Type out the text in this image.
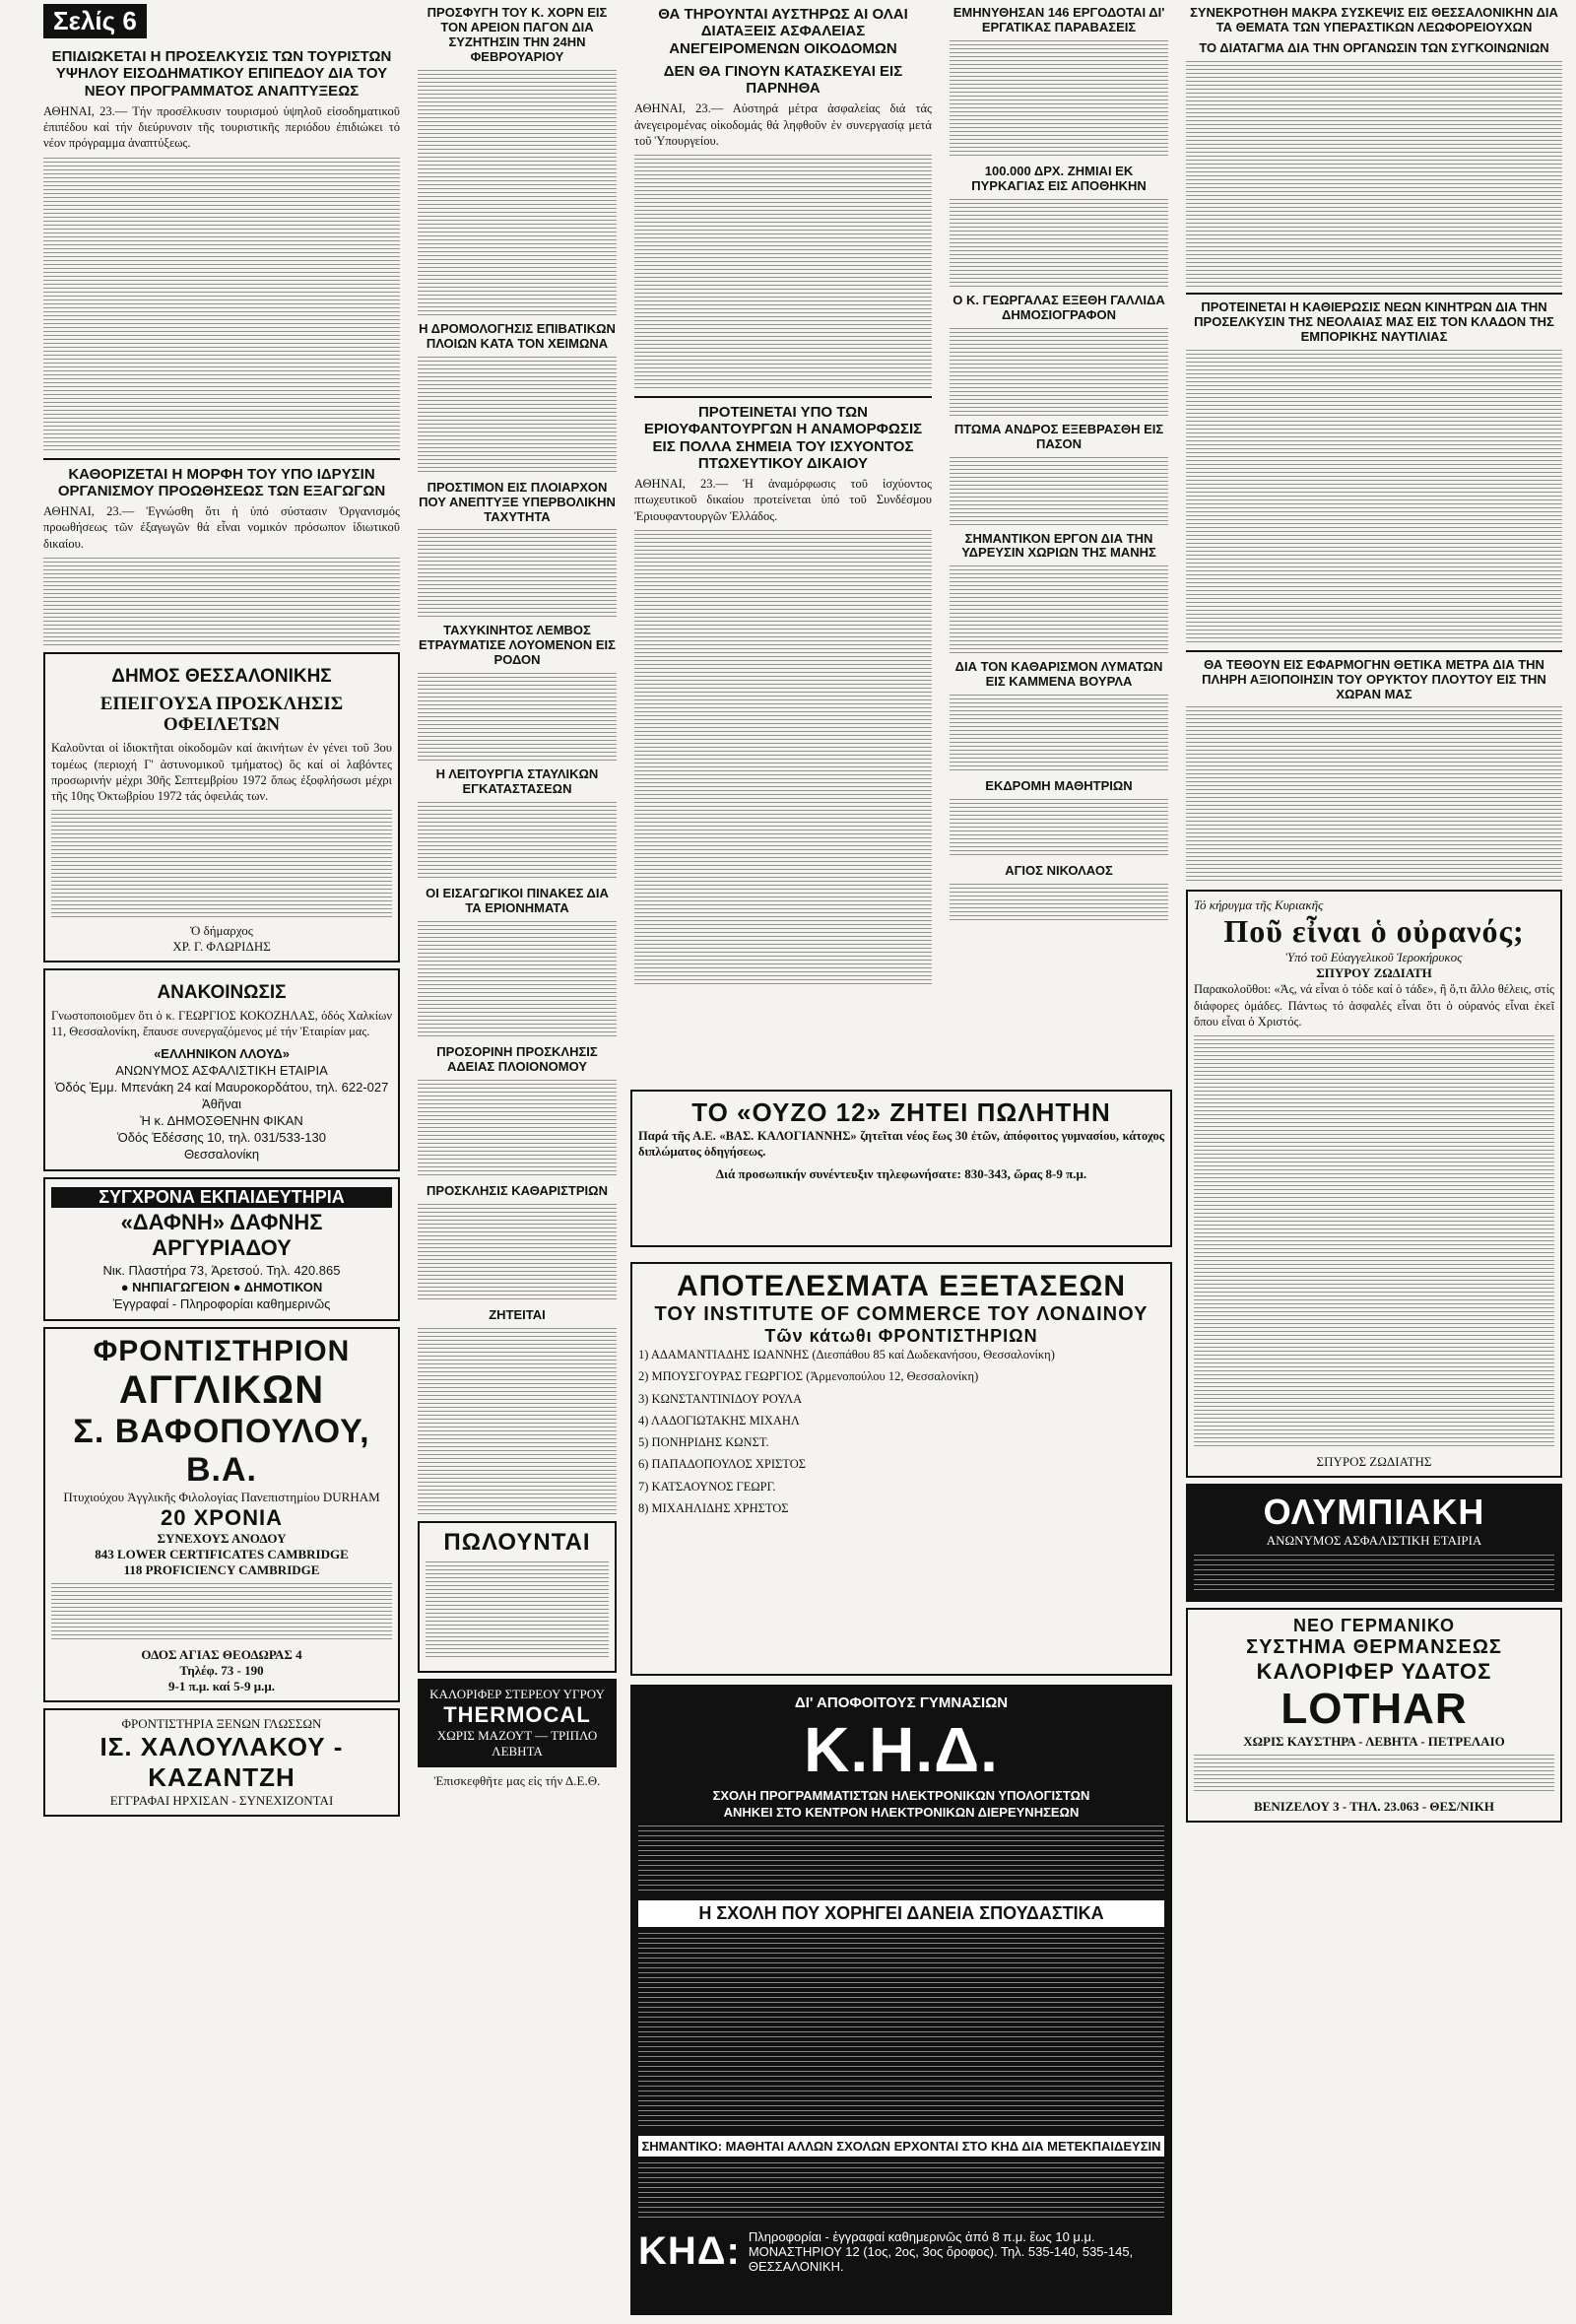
Σελίς 6
ΕΠΙΔΙΩΚΕΤΑΙ Η ΠΡΟΣΕΛΚΥΣΙΣ ΤΩΝ ΤΟΥΡΙΣΤΩΝ ΥΨΗΛΟΥ ΕΙΣΟΔΗΜΑΤΙΚΟΥ ΕΠΙΠΕΔΟΥ ΔΙΑ ΤΟΥ ΝΕΟΥ ΠΡΟΓΡΑΜΜΑΤΟΣ ΑΝΑΠΤΥΞΕΩΣ

ΑΘΗΝΑΙ, 23.— Τήν προσέλκυσιν τουρισμού ὑψηλοῦ εἰσοδηματικοῦ ἐπιπέδου καί τήν διεύρυνσιν τῆς τουριστικῆς περιόδου ἐπιδιώκει τό νέον πρόγραμμα ἀναπτύξεως.

ΚΑΘΟΡΙΖΕΤΑΙ Η ΜΟΡΦΗ ΤΟΥ ΥΠΟ ΙΔΡΥΣΙΝ ΟΡΓΑΝΙΣΜΟΥ ΠΡΟΩΘΗΣΕΩΣ ΤΩΝ ΕΞΑΓΩΓΩΝ

ΑΘΗΝΑΙ, 23.— Ἐγνώσθη ὅτι ἡ ὑπό σύστασιν Ὀργανισμός προωθήσεως τῶν ἐξαγωγῶν θά εἶναι νομικόν πρόσωπον ἰδιωτικοῦ δικαίου.

ΔΗΜΟΣ ΘΕΣΣΑΛΟΝΙΚΗΣ
ΕΠΕΙΓΟΥΣΑ ΠΡΟΣΚΛΗΣΙΣ ΟΦΕΙΛΕΤΩΝ

Καλοῦνται οἱ ἰδιοκτῆται οἰκοδομῶν καί ἀκινήτων ἐν γένει τοῦ 3ου τομέως (περιοχή Γ' ἀστυνομικοῦ τμήματος) ὅς καί οἱ λαβόντες προσωρινήν μέχρι 30ῆς Σεπτεμβρίου 1972 ὅπως ἐξοφλήσωσι μέχρι τῆς 10ης Ὀκτωβρίου 1972 τάς ὀφειλάς των.

Ὁ δήμαρχος
ΧΡ. Γ. ΦΛΩΡΙΔΗΣ
ΑΝΑΚΟΙΝΩΣΙΣ

Γνωστοποιοῦμεν ὅτι ὁ κ. ΓΕΩΡΓΙΟΣ ΚΟΚΟΖΗΛΑΣ, ὁδός Χαλκίων 11, Θεσσαλονίκη, ἔπαυσε συνεργαζόμενος μέ τήν Ἑταιρίαν μας.

«ΕΛΛΗΝΙΚΟΝ ΛΛΟΥΔ»
ΑΝΩΝΥΜΟΣ ΑΣΦΑΛΙΣΤΙΚΗ ΕΤΑΙΡΙΑ
Ὁδός Ἐμμ. Μπενάκη 24 καί Μαυροκορδάτου, τηλ. 622-027
Ἀθῆναι
Ἡ κ. ΔΗΜΟΣΘΕΝΗΝ ΦΙΚΑΝ
Ὁδός Ἐδέσσης 10, τηλ. 031/533-130
Θεσσαλονίκη
ΣΥΓΧΡΟΝΑ ΕΚΠΑΙΔΕΥΤΗΡΙΑ
«ΔΑΦΝΗ» ΔΑΦΝΗΣ ΑΡΓΥΡΙΑΔΟΥ
Νικ. Πλαστήρα 73, Ἀρετσού. Τηλ. 420.865
● ΝΗΠΙΑΓΩΓΕΙΟΝ ● ΔΗΜΟΤΙΚΟΝ
Ἐγγραφαί - Πληροφορίαι καθημερινῶς
ΦΡΟΝΤΙΣΤΗΡΙΟΝ
ΑΓΓΛΙΚΩΝ
Σ. ΒΑΦΟΠΟΥΛΟΥ, Β.Α.
Πτυχιούχου Ἀγγλικῆς Φιλολογίας Πανεπιστημίου DURHAM
20 ΧΡΟΝΙΑ
ΣΥΝΕΧΟΥΣ ΑΝΟΔΟΥ
843 LOWER CERTIFICATES CAMBRIDGE
118 PROFICIENCY CAMBRIDGE
ΟΔΟΣ ΑΓΙΑΣ ΘΕΟΔΩΡΑΣ 4
Τηλέφ. 73 - 190
9-1 π.μ. καί 5-9 μ.μ.
ΦΡΟΝΤΙΣΤΗΡΙΑ ΞΕΝΩΝ ΓΛΩΣΣΩΝ
ΙΣ. ΧΑΛΟΥΛΑΚΟΥ - ΚΑΖΑΝΤΖΗ
ΕΓΓΡΑΦΑΙ ΗΡΧΙΣΑΝ - ΣΥΝΕΧΙΖΟΝΤΑΙ
ΠΡΟΣΦΥΓΗ ΤΟΥ Κ. ΧΟΡΝ ΕΙΣ ΤΟΝ ΑΡΕΙΟΝ ΠΑΓΟΝ ΔΙΑ ΣΥΖΗΤΗΣΙΝ ΤΗΝ 24ΗΝ ΦΕΒΡΟΥΑΡΙΟΥ
Η ΔΡΟΜΟΛΟΓΗΣΙΣ ΕΠΙΒΑΤΙΚΩΝ ΠΛΟΙΩΝ ΚΑΤΑ ΤΟΝ ΧΕΙΜΩΝΑ
ΠΡΟΣΤΙΜΟΝ ΕΙΣ ΠΛΟΙΑΡΧΟΝ ΠΟΥ ΑΝΕΠΤΥΞΕ ΥΠΕΡΒΟΛΙΚΗΝ ΤΑΧΥΤΗΤΑ
ΤΑΧΥΚΙΝΗΤΟΣ ΛΕΜΒΟΣ ΕΤΡΑΥΜΑΤΙΣΕ ΛΟΥΟΜΕΝΟΝ ΕΙΣ ΡΟΔΟΝ
Η ΛΕΙΤΟΥΡΓΙΑ ΣΤΑΥΛΙΚΩΝ ΕΓΚΑΤΑΣΤΑΣΕΩΝ
ΟΙ ΕΙΣΑΓΩΓΙΚΟΙ ΠΙΝΑΚΕΣ ΔΙΑ ΤΑ ΕΡΙΟΝΗΜΑΤΑ
ΠΡΟΣΟΡΙΝΗ ΠΡΟΣΚΛΗΣΙΣ ΑΔΕΙΑΣ ΠΛΟΙΟΝΟΜΟΥ
ΠΡΟΣΚΛΗΣΙΣ ΚΑΘΑΡΙΣΤΡΙΩΝ
ΖΗΤΕΙΤΑΙ
ΠΩΛΟΥΝΤΑΙ
ΚΑΛΟΡΙΦΕΡ ΣΤΕΡΕΟΥ ΥΓΡΟΥ
THERMOCAL
ΧΩΡΙΣ ΜΑΖΟΥΤ — ΤΡΙΠΛΟ ΛΕΒΗΤΑ
Ἐπισκεφθῆτε μας εἰς τήν Δ.Ε.Θ.
ΘΑ ΤΗΡΟΥΝΤΑΙ ΑΥΣΤΗΡΩΣ ΑΙ ΟΛΑΙ ΔΙΑΤΑΞΕΙΣ ΑΣΦΑΛΕΙΑΣ ΑΝΕΓΕΙΡΟΜΕΝΩΝ ΟΙΚΟΔΟΜΩΝ
ΔΕΝ ΘΑ ΓΙΝΟΥΝ ΚΑΤΑΣΚΕΥΑΙ ΕΙΣ ΠΑΡΝΗΘΑ

ΑΘΗΝΑΙ, 23.— Αὐστηρά μέτρα ἀσφαλείας διά τάς ἀνεγειρομένας οἰκοδομάς θά ληφθοῦν ἐν συνεργασίᾳ μετά τοῦ Ὑπουργείου.

ΠΡΟΤΕΙΝΕΤΑΙ ΥΠΟ ΤΩΝ ΕΡΙΟΥΦΑΝΤΟΥΡΓΩΝ Η ΑΝΑΜΟΡΦΩΣΙΣ ΕΙΣ ΠΟΛΛΑ ΣΗΜΕΙΑ ΤΟΥ ΙΣΧΥΟΝΤΟΣ ΠΤΩΧΕΥΤΙΚΟΥ ΔΙΚΑΙΟΥ

ΑΘΗΝΑΙ, 23.— Ἡ ἀναμόρφωσις τοῦ ἰσχύοντος πτωχευτικοῦ δικαίου προτείνεται ὑπό τοῦ Συνδέσμου Ἐριουφαντουργῶν Ἑλλάδος.

ΕΜΗΝΥΘΗΣΑΝ 146 ΕΡΓΟΔΟΤΑΙ ΔΙ' ΕΡΓΑΤΙΚΑΣ ΠΑΡΑΒΑΣΕΙΣ
100.000 ΔΡΧ. ΖΗΜΙΑΙ ΕΚ ΠΥΡΚΑΓΙΑΣ ΕΙΣ ΑΠΟΘΗΚΗΝ
Ο Κ. ΓΕΩΡΓΑΛΑΣ ΕΞΕΘΗ ΓΑΛΛΙΔΑ ΔΗΜΟΣΙΟΓΡΑΦΟΝ
ΠΤΩΜΑ ΑΝΔΡΟΣ ΕΞΕΒΡΑΣΘΗ ΕΙΣ ΠΑΣΟΝ
ΣΗΜΑΝΤΙΚΟΝ ΕΡΓΟΝ ΔΙΑ ΤΗΝ ΥΔΡΕΥΣΙΝ ΧΩΡΙΩΝ ΤΗΣ ΜΑΝΗΣ
ΔΙΑ ΤΟΝ ΚΑΘΑΡΙΣΜΟΝ ΛΥΜΑΤΩΝ ΕΙΣ ΚΑΜΜΕΝΑ ΒΟΥΡΛΑ
ΕΚΔΡΟΜΗ ΜΑΘΗΤΡΙΩΝ
ΑΓΙΟΣ ΝΙΚΟΛΑΟΣ
ΤΟ «ΟΥΖΟ 12» ΖΗΤΕΙ ΠΩΛΗΤΗΝ

Παρά τῆς Α.Ε. «ΒΑΣ. ΚΑΛΟΓΙΑΝΝΗΣ» ζητεῖται νέος ἔως 30 ἐτῶν, ἀπόφοιτος γυμνασίου, κάτοχος διπλώματος ὁδηγήσεως.

Διά προσωπικήν συνέντευξιν τηλεφωνήσατε: 830-343, ὥρας 8-9 π.μ.
ΑΠΟΤΕΛΕΣΜΑΤΑ ΕΞΕΤΑΣΕΩΝ
ΤΟΥ INSTITUTE OF COMMERCE ΤΟΥ ΛΟΝΔΙΝΟΥ
Τῶν κάτωθι ΦΡΟΝΤΙΣΤΗΡΙΩΝ

1) ΑΔΑΜΑΝΤΙΑΔΗΣ ΙΩΑΝΝΗΣ (Διεσπάθου 85 καί Δωδεκανήσου, Θεσσαλονίκη)

2) ΜΠΟΥΣΓΟΥΡΑΣ ΓΕΩΡΓΙΟΣ (Ἀρμενοπούλου 12, Θεσσαλονίκη)

3) ΚΩΝΣΤΑΝΤΙΝΙΔΟΥ ΡΟΥΛΑ

4) ΛΑΔΟΓΙΩΤΑΚΗΣ ΜΙΧΑΗΛ

5) ΠΟΝΗΡΙΔΗΣ ΚΩΝΣΤ.

6) ΠΑΠΑΔΟΠΟΥΛΟΣ ΧΡΙΣΤΟΣ

7) ΚΑΤΣΑΟΥΝΟΣ ΓΕΩΡΓ.

8) ΜΙΧΑΗΛΙΔΗΣ ΧΡΗΣΤΟΣ

ΔΙ' ΑΠΟΦΟΙΤΟΥΣ ΓΥΜΝΑΣΙΩΝ
Κ.Η.Δ.
ΣΧΟΛΗ ΠΡΟΓΡΑΜΜΑΤΙΣΤΩΝ ΗΛΕΚΤΡΟΝΙΚΩΝ ΥΠΟΛΟΓΙΣΤΩΝ
ΑΝΗΚΕΙ ΣΤΟ ΚΕΝΤΡΟΝ ΗΛΕΚΤΡΟΝΙΚΩΝ ΔΙΕΡΕΥΝΗΣΕΩΝ
Η ΣΧΟΛΗ ΠΟΥ ΧΟΡΗΓΕΙ ΔΑΝΕΙΑ ΣΠΟΥΔΑΣΤΙΚΑ
ΣΗΜΑΝΤΙΚΟ: ΜΑΘΗΤΑΙ ΑΛΛΩΝ ΣΧΟΛΩΝ ΕΡΧΟΝΤΑΙ ΣΤΟ ΚΗΔ ΔΙΑ ΜΕΤΕΚΠΑΙΔΕΥΣΙΝ
ΚΗΔ: Πληροφορίαι - ἐγγραφαί καθημερινῶς ἀπό 8 π.μ. ἕως 10 μ.μ. ΜΟΝΑΣΤΗΡΙΟΥ 12 (1ος, 2ος, 3ος ὄροφος). Τηλ. 535-140, 535-145, ΘΕΣΣΑΛΟΝΙΚΗ.
ΣΥΝΕΚΡΟΤΗΘΗ ΜΑΚΡΑ ΣΥΣΚΕΨΙΣ ΕΙΣ ΘΕΣΣΑΛΟΝΙΚΗΝ ΔΙΑ ΤΑ ΘΕΜΑΤΑ ΤΩΝ ΥΠΕΡΑΣΤΙΚΩΝ ΛΕΩΦΟΡΕΙΟΥΧΩΝ
ΤΟ ΔΙΑΤΑΓΜΑ ΔΙΑ ΤΗΝ ΟΡΓΑΝΩΣΙΝ ΤΩΝ ΣΥΓΚΟΙΝΩΝΙΩΝ
ΠΡΟΤΕΙΝΕΤΑΙ Η ΚΑΘΙΕΡΩΣΙΣ ΝΕΩΝ ΚΙΝΗΤΡΩΝ ΔΙΑ ΤΗΝ ΠΡΟΣΕΛΚΥΣΙΝ ΤΗΣ ΝΕΟΛΑΙΑΣ ΜΑΣ ΕΙΣ ΤΟΝ ΚΛΑΔΟΝ ΤΗΣ ΕΜΠΟΡΙΚΗΣ ΝΑΥΤΙΛΙΑΣ
ΘΑ ΤΕΘΟΥΝ ΕΙΣ ΕΦΑΡΜΟΓΗΝ ΘΕΤΙΚΑ ΜΕΤΡΑ ΔΙΑ ΤΗΝ ΠΛΗΡΗ ΑΞΙΟΠΟΙΗΣΙΝ ΤΟΥ ΟΡΥΚΤΟΥ ΠΛΟΥΤΟΥ ΕΙΣ ΤΗΝ ΧΩΡΑΝ ΜΑΣ
Τό κήρυγμα τῆς Κυριακῆς
Ποῦ εἶναι ὁ οὐρανός;
Ὑπό τοῦ Εὐαγγελικοῦ Ἱεροκήρυκος
ΣΠΥΡΟΥ ΖΩΔΙΑΤΗ

Παρακολοῦθοι: «Ἀς, νά εἶναι ὁ τόδε καί ὁ τάδε», ἢ ὅ,τι ἄλλο θέλεις, στίς διάφορες ὁμάδες. Πάντως τό ἀσφαλές εἶναι ὅτι ὁ οὐρανός εἶναι ἐκεῖ ὅπου εἶναι ὁ Χριστός.

ΣΠΥΡΟΣ ΖΩΔΙΑΤΗΣ
ΟΛΥΜΠΙΑΚΗ
ΑΝΩΝΥΜΟΣ ΑΣΦΑΛΙΣΤΙΚΗ ΕΤΑΙΡΙΑ
ΝΕΟ ΓΕΡΜΑΝΙΚΟ
ΣΥΣΤΗΜΑ ΘΕΡΜΑΝΣΕΩΣ
ΚΑΛΟΡΙΦΕΡ ΥΔΑΤΟΣ
LOTHAR
ΧΩΡΙΣ ΚΑΥΣΤΗΡΑ - ΛΕΒΗΤΑ - ΠΕΤΡΕΛΑΙΟ
ΒΕΝΙΖΕΛΟΥ 3 - ΤΗΛ. 23.063 - ΘΕΣ/ΝΙΚΗ
